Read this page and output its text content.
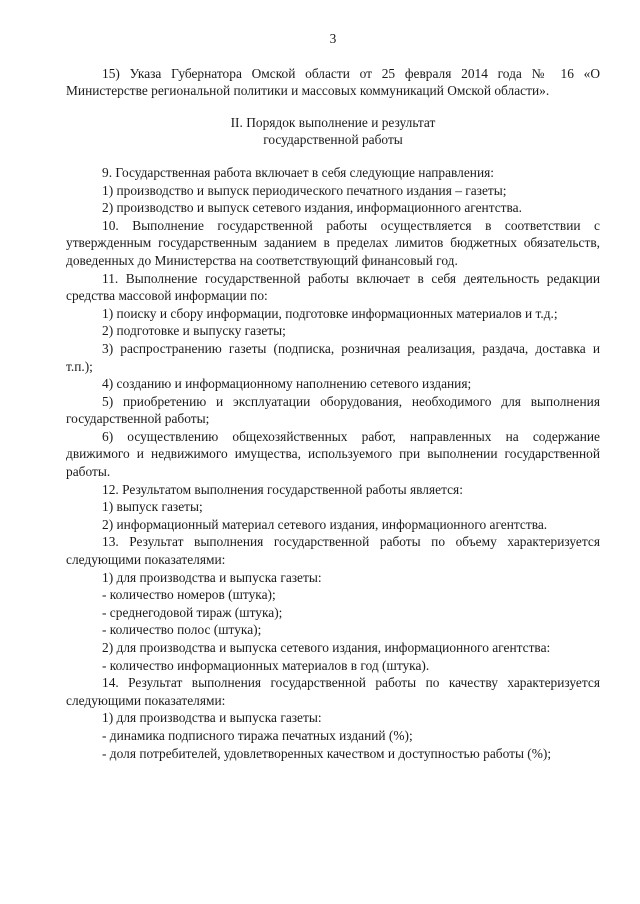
3

15) Указа Губернатора Омской области от 25 февраля 2014 года № 16 «О Министерстве региональной политики и массовых коммуникаций Омской области».

II. Порядок выполнение и результат
государственной работы

9. Государственная работа включает в себя следующие направления:

1) производство и выпуск периодического печатного издания – газеты;

2) производство и выпуск сетевого издания, информационного агентства.

10. Выполнение государственной работы осуществляется в соответствии с утвержденным государственным заданием в пределах лимитов бюджетных обязательств, доведенных до Министерства на соответствующий финансовый год.

11. Выполнение государственной работы включает в себя деятельность редакции средства массовой информации по:

1) поиску и сбору информации, подготовке информационных материалов и т.д.;

2) подготовке и выпуску газеты;

3) распространению газеты (подписка, розничная реализация, раздача, доставка и т.п.);

4) созданию и информационному наполнению сетевого издания;

5) приобретению и эксплуатации оборудования, необходимого для выполнения государственной работы;

6) осуществлению общехозяйственных работ, направленных на содержание движимого и недвижимого имущества, используемого при выполнении государственной работы.

12. Результатом выполнения государственной работы является:

1) выпуск газеты;

2) информационный материал сетевого издания, информационного агентства.

13. Результат выполнения государственной работы по объему характеризуется следующими показателями:

1) для производства и выпуска газеты:

- количество номеров (штука);

- среднегодовой тираж (штука);

- количество полос (штука);

2) для производства и выпуска сетевого издания, информационного агентства:

- количество информационных материалов в год (штука).

14. Результат выполнения государственной работы по качеству характеризуется следующими показателями:

1) для производства и выпуска газеты:

- динамика подписного тиража печатных изданий (%);

- доля потребителей, удовлетворенных качеством и доступностью работы (%);
